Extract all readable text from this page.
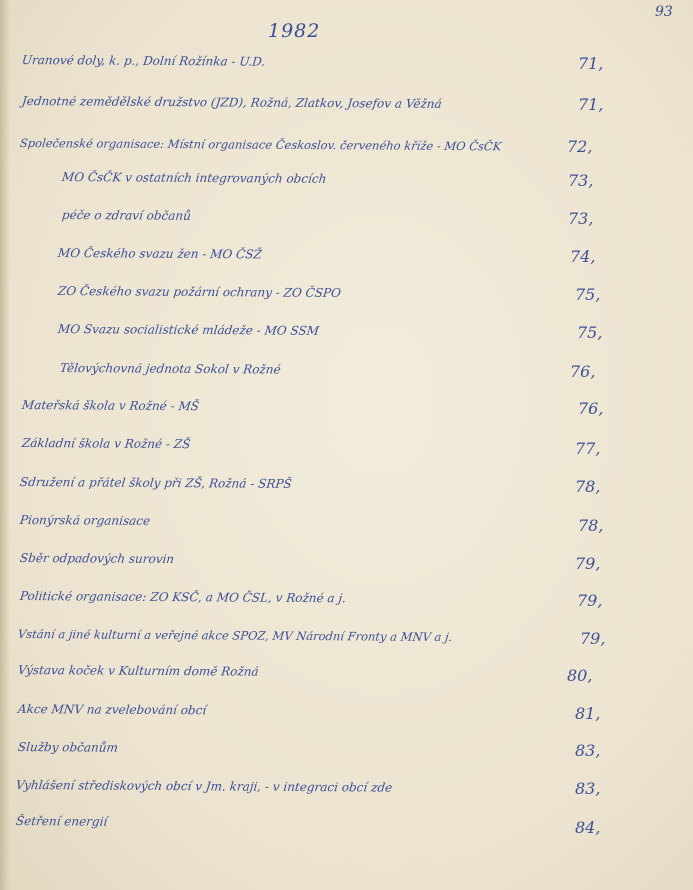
93
1982
Uranové doly, k. p., Dolní Rožínka - U.D.	71,
Jednotné zemědělské družstvo (JZD), Rožná, Zlatkov, Josefov a Věžná	71,
Společenské organisace: Místní organisace Českoslov. červeného kříže - MO ČsČK	72,
MO ČsČK v ostatních integrovaných obcích	73,
péče o zdraví občanů	73,
MO Českého svazu žen - MO ČSŽ	74,
ZO Českého svazu požární ochrany - ZO ČSPO	75,
MO Svazu socialistické mládeže - MO SSM	75,
Tělovýchovná jednota Sokol v Rožné	76,
Mateřská škola v Rožné - MŠ	76,
Základní škola v Rožné - ZŠ	77,
Sdružení a přátel školy při ZŠ, Rožná - SRPŠ	78,
Pionýrská organisace	78,
Sběr odpadových surovin	79,
Politické organisace: ZO KSČ, a MO ČSL, v Rožné a j.	79,
Vstání a jiné kulturní a veřejné akce SPOZ, MV Národní Fronty a MNV a j.	79,
Výstava koček v Kulturním domě Rožná	80,
Akce MNV na zvelebování obcí	81,
Služby občanům	83,
Vyhlášení střediskových obcí v Jm. kraji, - v integraci obcí zde	83,
Šetření energií	84,
